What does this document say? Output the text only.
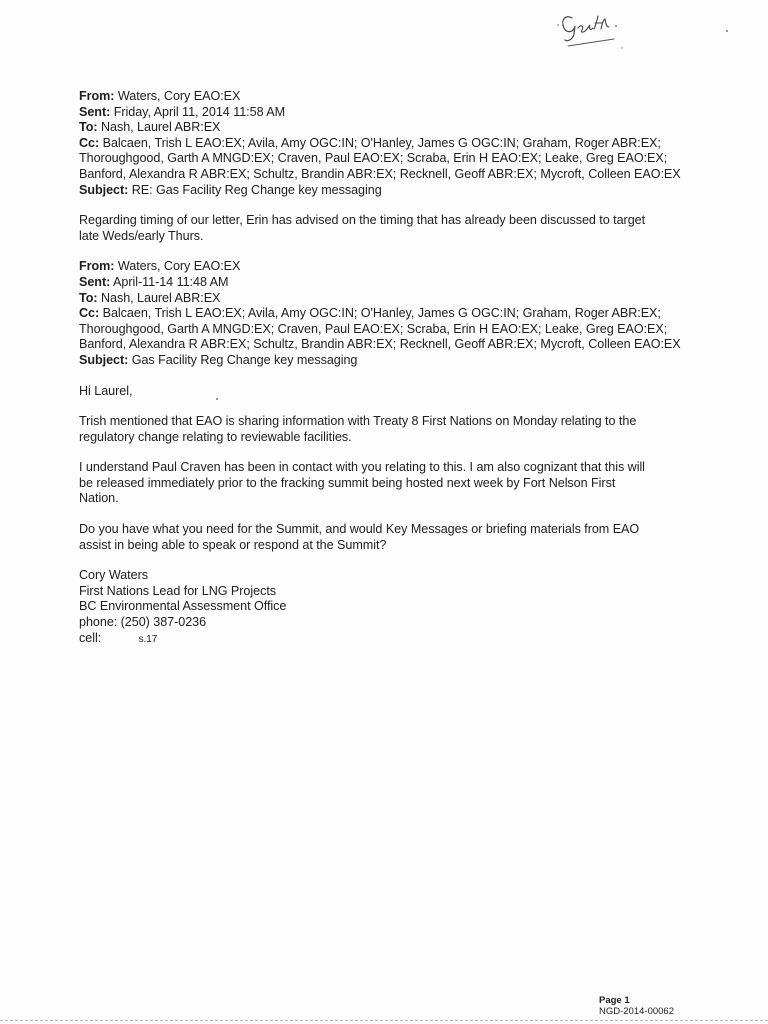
From: Waters, Cory EAO:EX

Sent: Friday, April 11, 2014 11:58 AM

To: Nash, Laurel ABR:EX

Cc: Balcaen, Trish L EAO:EX; Avila, Amy OGC:IN; O'Hanley, James G OGC:IN; Graham, Roger ABR:EX;

Thoroughgood, Garth A MNGD:EX; Craven, Paul EAO:EX; Scraba, Erin H EAO:EX; Leake, Greg EAO:EX;

Banford, Alexandra R ABR:EX; Schultz, Brandin ABR:EX; Recknell, Geoff ABR:EX; Mycroft, Colleen EAO:EX

Subject: RE: Gas Facility Reg Change key messaging

Regarding timing of our letter, Erin has advised on the timing that has already been discussed to target

late Weds/early Thurs.

From: Waters, Cory EAO:EX

Sent: April-11-14 11:48 AM

To: Nash, Laurel ABR:EX

Cc: Balcaen, Trish L EAO:EX; Avila, Amy OGC:IN; O'Hanley, James G OGC:IN; Graham, Roger ABR:EX;

Thoroughgood, Garth A MNGD:EX; Craven, Paul EAO:EX; Scraba, Erin H EAO:EX; Leake, Greg EAO:EX;

Banford, Alexandra R ABR:EX; Schultz, Brandin ABR:EX; Recknell, Geoff ABR:EX; Mycroft, Colleen EAO:EX

Subject: Gas Facility Reg Change key messaging

Hi Laurel,

Trish mentioned that EAO is sharing information with Treaty 8 First Nations on Monday relating to the

regulatory change relating to reviewable facilities.

I understand Paul Craven has been in contact with you relating to this. I am also cognizant that this will

be released immediately prior to the fracking summit being hosted next week by Fort Nelson First

Nation.

Do you have what you need for the Summit, and would Key Messages or briefing materials from EAO

assist in being able to speak or respond at the Summit?

Cory Waters

First Nations Lead for LNG Projects

BC Environmental Assessment Office

phone: (250) 387-0236

cell:	s.17

Page 1
NGD-2014-00062
